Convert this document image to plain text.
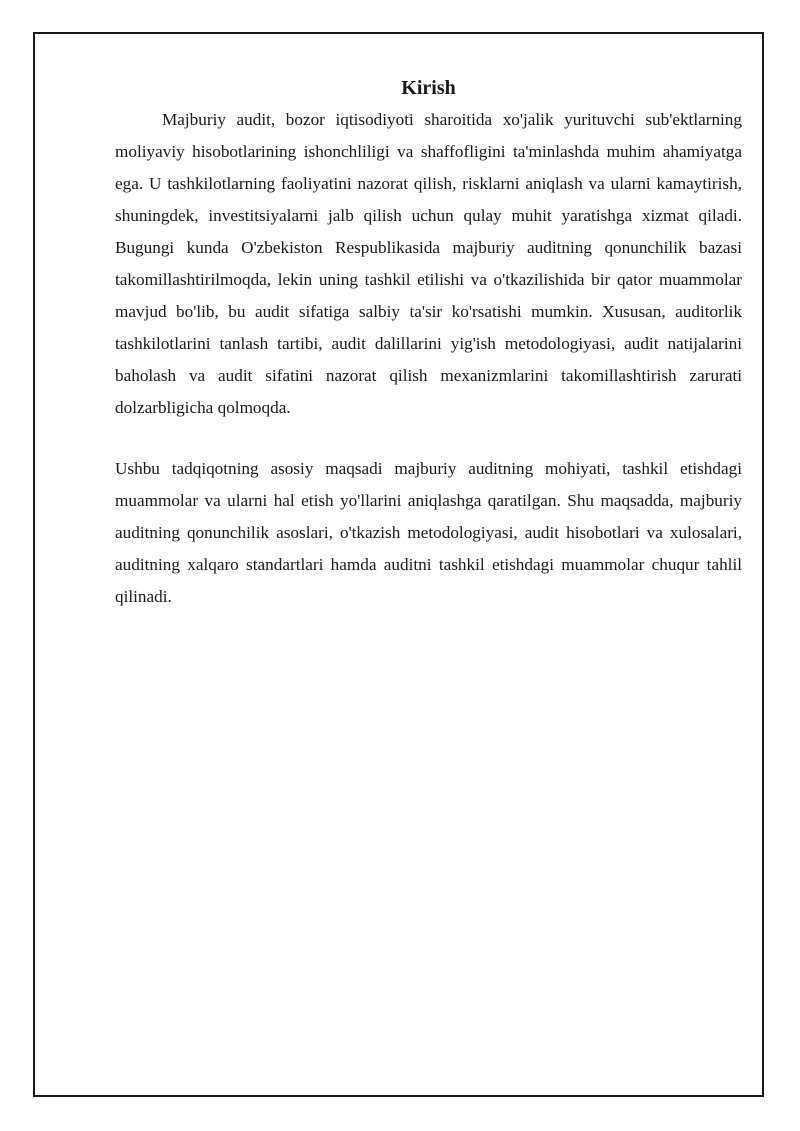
Kirish

Majburiy audit, bozor iqtisodiyoti sharoitida xo'jalik yurituvchi sub'ektlarning moliyaviy hisobotlarining ishonchliligi va shaffofligini ta'minlashda muhim ahamiyatga ega. U tashkilotlarning faoliyatini nazorat qilish, risklarni aniqlash va ularni kamaytirish, shuningdek, investitsiyalarni jalb qilish uchun qulay muhit yaratishga xizmat qiladi. Bugungi kunda O'zbekiston Respublikasida majburiy auditning qonunchilik bazasi takomillashtirilmoqda, lekin uning tashkil etilishi va o'tkazilishida bir qator muammolar mavjud bo'lib, bu audit sifatiga salbiy ta'sir ko'rsatishi mumkin. Xususan, auditorlik tashkilotlarini tanlash tartibi, audit dalillarini yig'ish metodologiyasi, audit natijalarini baholash va audit sifatini nazorat qilish mexanizmlarini takomillashtirish zarurati dolzarbligicha qolmoqda.

Ushbu tadqiqotning asosiy maqsadi majburiy auditning mohiyati, tashkil etishdagi muammolar va ularni hal etish yo'llarini aniqlashga qaratilgan. Shu maqsadda, majburiy auditning qonunchilik asoslari, o'tkazish metodologiyasi, audit hisobotlari va xulosalari, auditning xalqaro standartlari hamda auditni tashkil etishdagi muammolar chuqur tahlil qilinadi.
